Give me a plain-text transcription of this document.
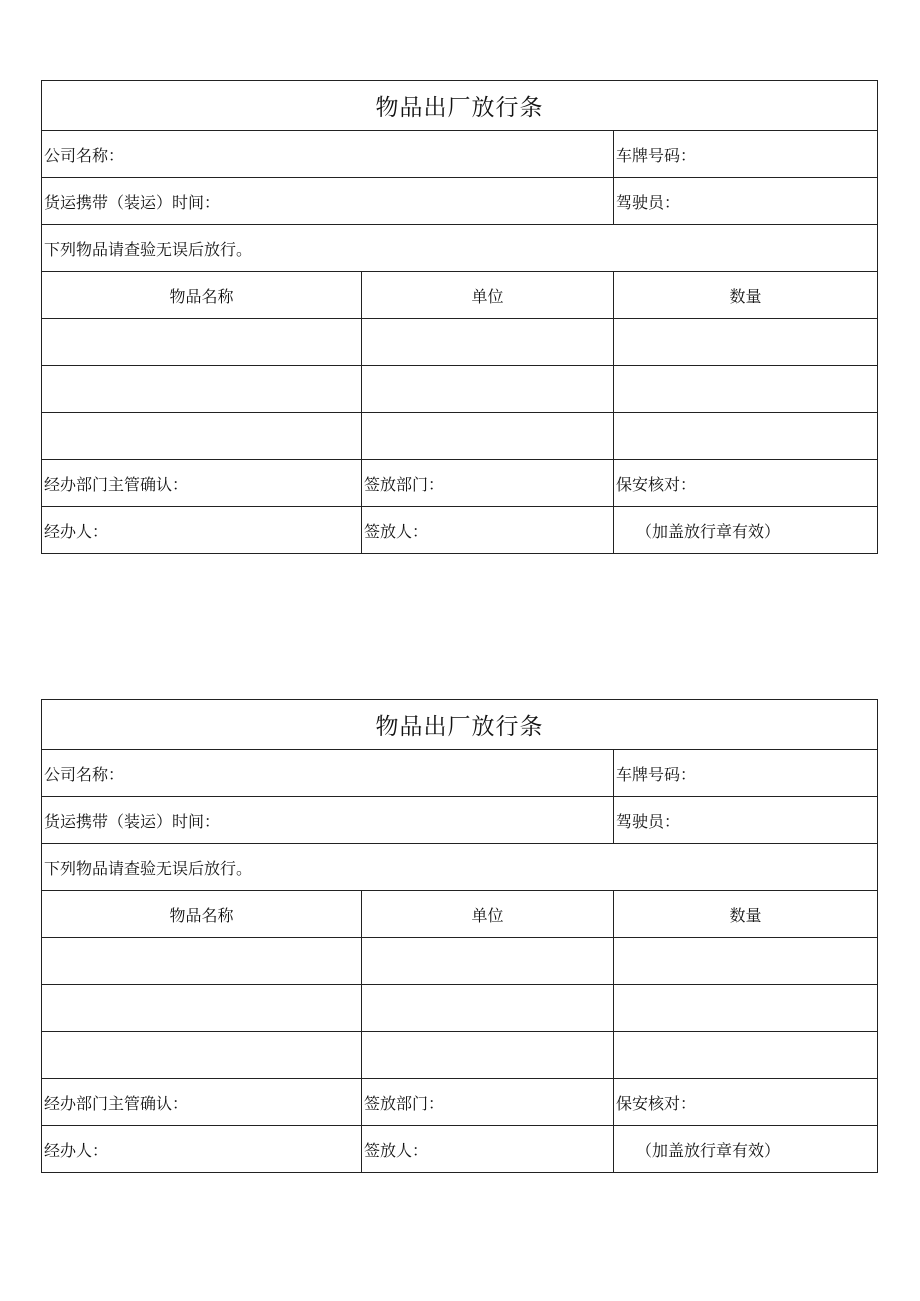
物品出厂放行条		
公司名称：		车牌号码：
货运携带（装运）时间：		驾驶员：
下列物品请查验无误后放行。		
物品名称	单位	数量

经办部门主管确认：	签放部门：	保安核对：
经办人：	签放人：	（加盖放行章有效）
物品出厂放行条		
公司名称：		车牌号码：
货运携带（装运）时间：		驾驶员：
下列物品请查验无误后放行。		
物品名称	单位	数量

经办部门主管确认：	签放部门：	保安核对：
经办人：	签放人：	（加盖放行章有效）
